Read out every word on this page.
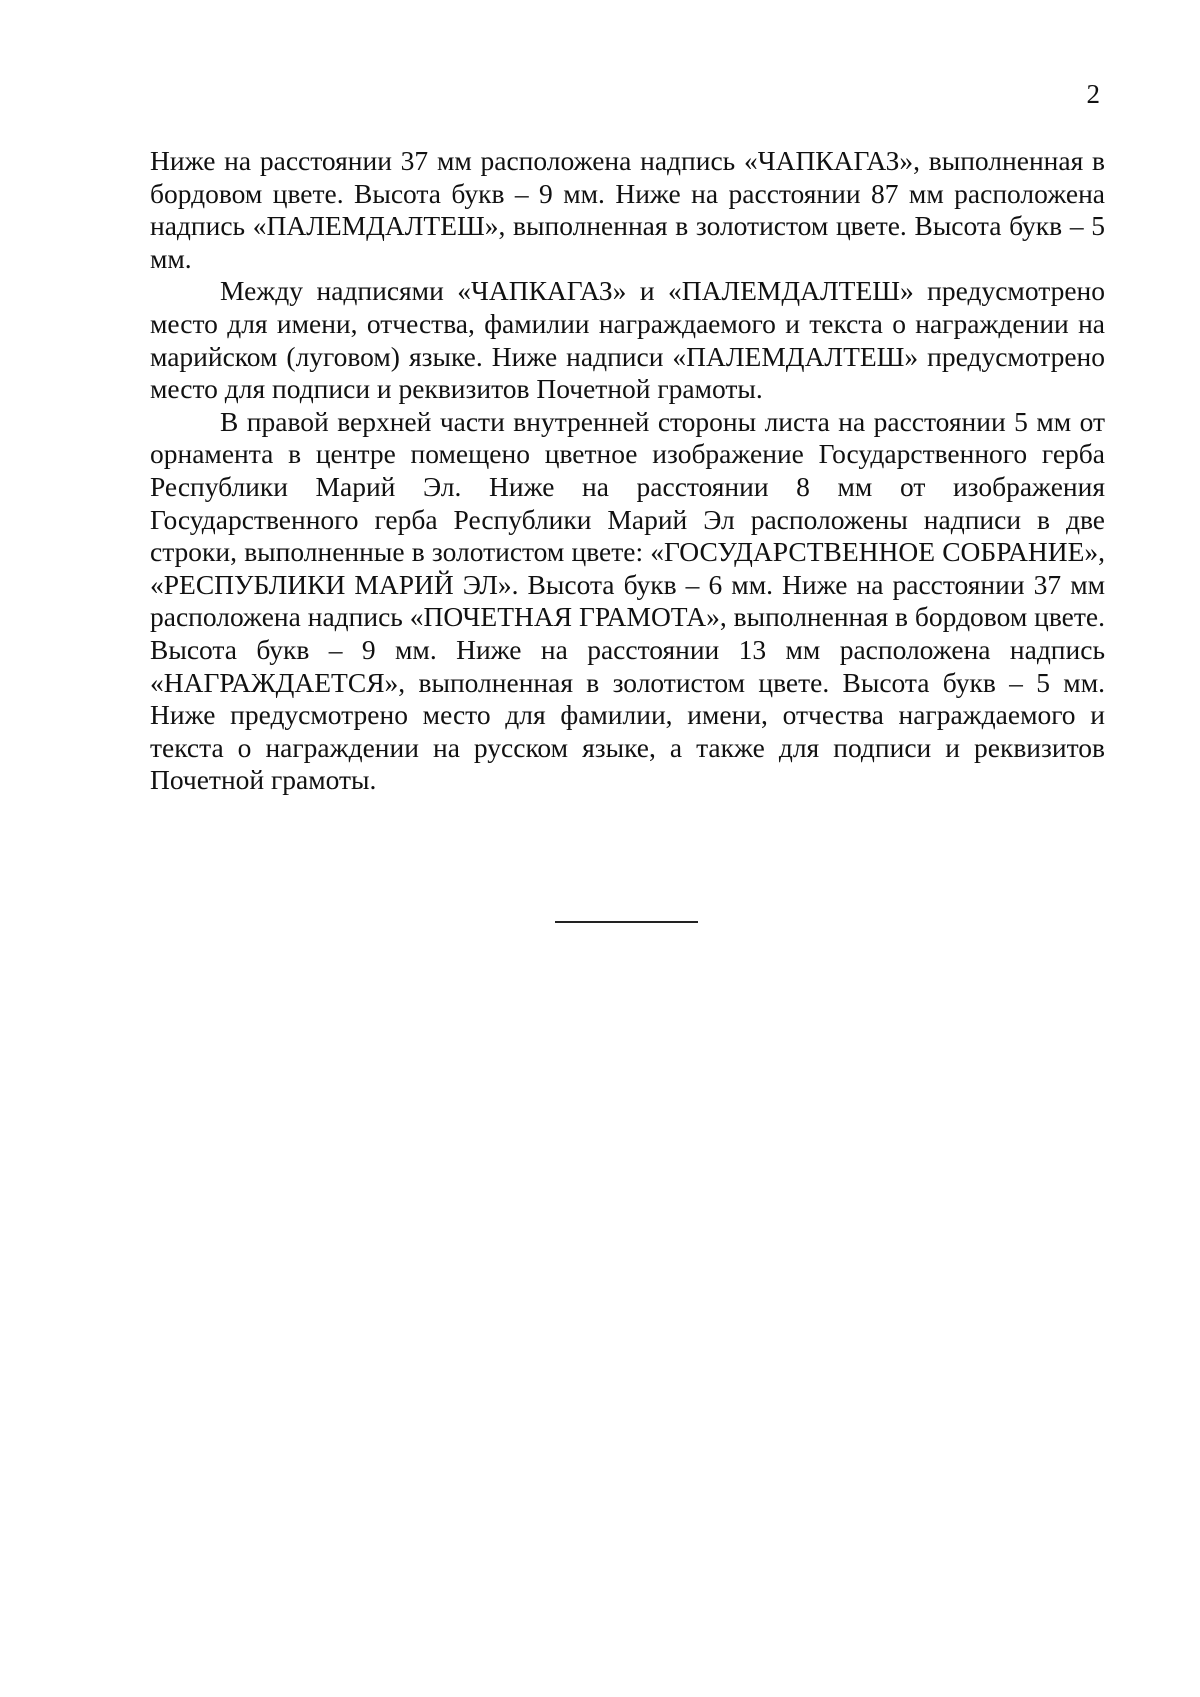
2

Ниже на расстоянии 37 мм расположена надпись «ЧАПКАГАЗ», выполненная в бордовом цвете. Высота букв – 9 мм. Ниже на расстоянии 87 мм расположена надпись «ПАЛЕМДАЛТЕШ», выполненная в золотистом цвете. Высота букв – 5 мм.

Между надписями «ЧАПКАГАЗ» и «ПАЛЕМДАЛТЕШ» предусмотрено место для имени, отчества, фамилии награждаемого и текста о награждении на марийском (луговом) языке. Ниже надписи «ПАЛЕМДАЛТЕШ» предусмотрено место для подписи и реквизитов Почетной грамоты.

В правой верхней части внутренней стороны листа на расстоянии 5 мм от орнамента в центре помещено цветное изображение Государственного герба Республики Марий Эл. Ниже на расстоянии 8 мм от изображения Государственного герба Республики Марий Эл расположены надписи в две строки, выполненные в золотистом цвете: «ГОСУДАРСТВЕННОЕ СОБРАНИЕ», «РЕСПУБЛИКИ МАРИЙ ЭЛ». Высота букв – 6 мм. Ниже на расстоянии 37 мм расположена надпись «ПОЧЕТНАЯ ГРАМОТА», выполненная в бордовом цвете. Высота букв – 9 мм. Ниже на расстоянии 13 мм расположена надпись «НАГРАЖДАЕТСЯ», выполненная в золотистом цвете. Высота букв – 5 мм. Ниже предусмотрено место для фамилии, имени, отчества награждаемого и текста о награждении на русском языке, а также для подписи и реквизитов Почетной грамоты.
